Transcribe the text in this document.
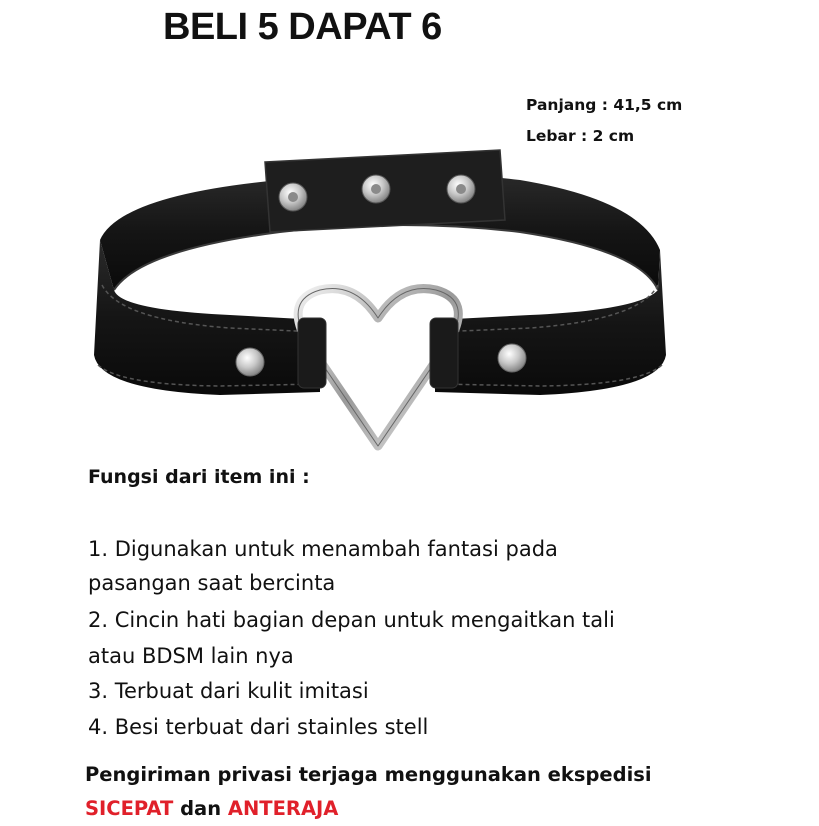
BELI 5 DAPAT 6
Panjang : 41,5 cm
Lebar : 2 cm
Fungsi dari item ini :
1. Digunakan untuk menambah fantasi pada
pasangan saat bercinta
2. Cincin hati bagian depan untuk mengaitkan tali
atau BDSM lain nya
3. Terbuat dari kulit imitasi
4. Besi terbuat dari stainles stell
Pengiriman privasi terjaga menggunakan ekspedisi
SICEPAT dan ANTERAJA
